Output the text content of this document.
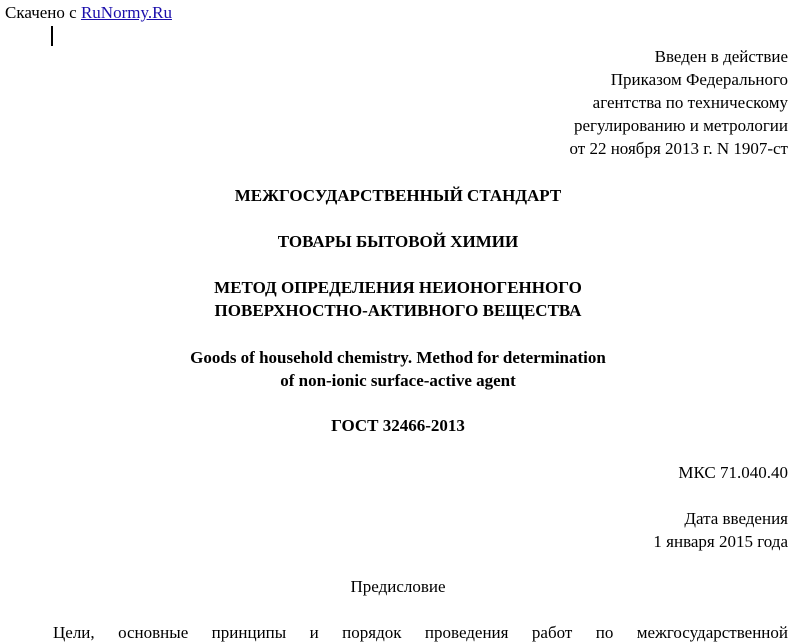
Скачено с RuNormy.Ru
Введен в действие
Приказом Федерального
агентства по техническому
регулированию и метрологии
от 22 ноября 2013 г. N 1907-ст
МЕЖГОСУДАРСТВЕННЫЙ СТАНДАРТ
ТОВАРЫ БЫТОВОЙ ХИМИИ
МЕТОД ОПРЕДЕЛЕНИЯ НЕИОНОГЕННОГО
ПОВЕРХНОСТНО-АКТИВНОГО ВЕЩЕСТВА
Goods of household chemistry. Method for determination
of non-ionic surface-active agent
ГОСТ 32466-2013
МКС 71.040.40
Дата введения
1 января 2015 года
Предисловие
Цели, основные принципы и порядок проведения работ по межгосударственной
